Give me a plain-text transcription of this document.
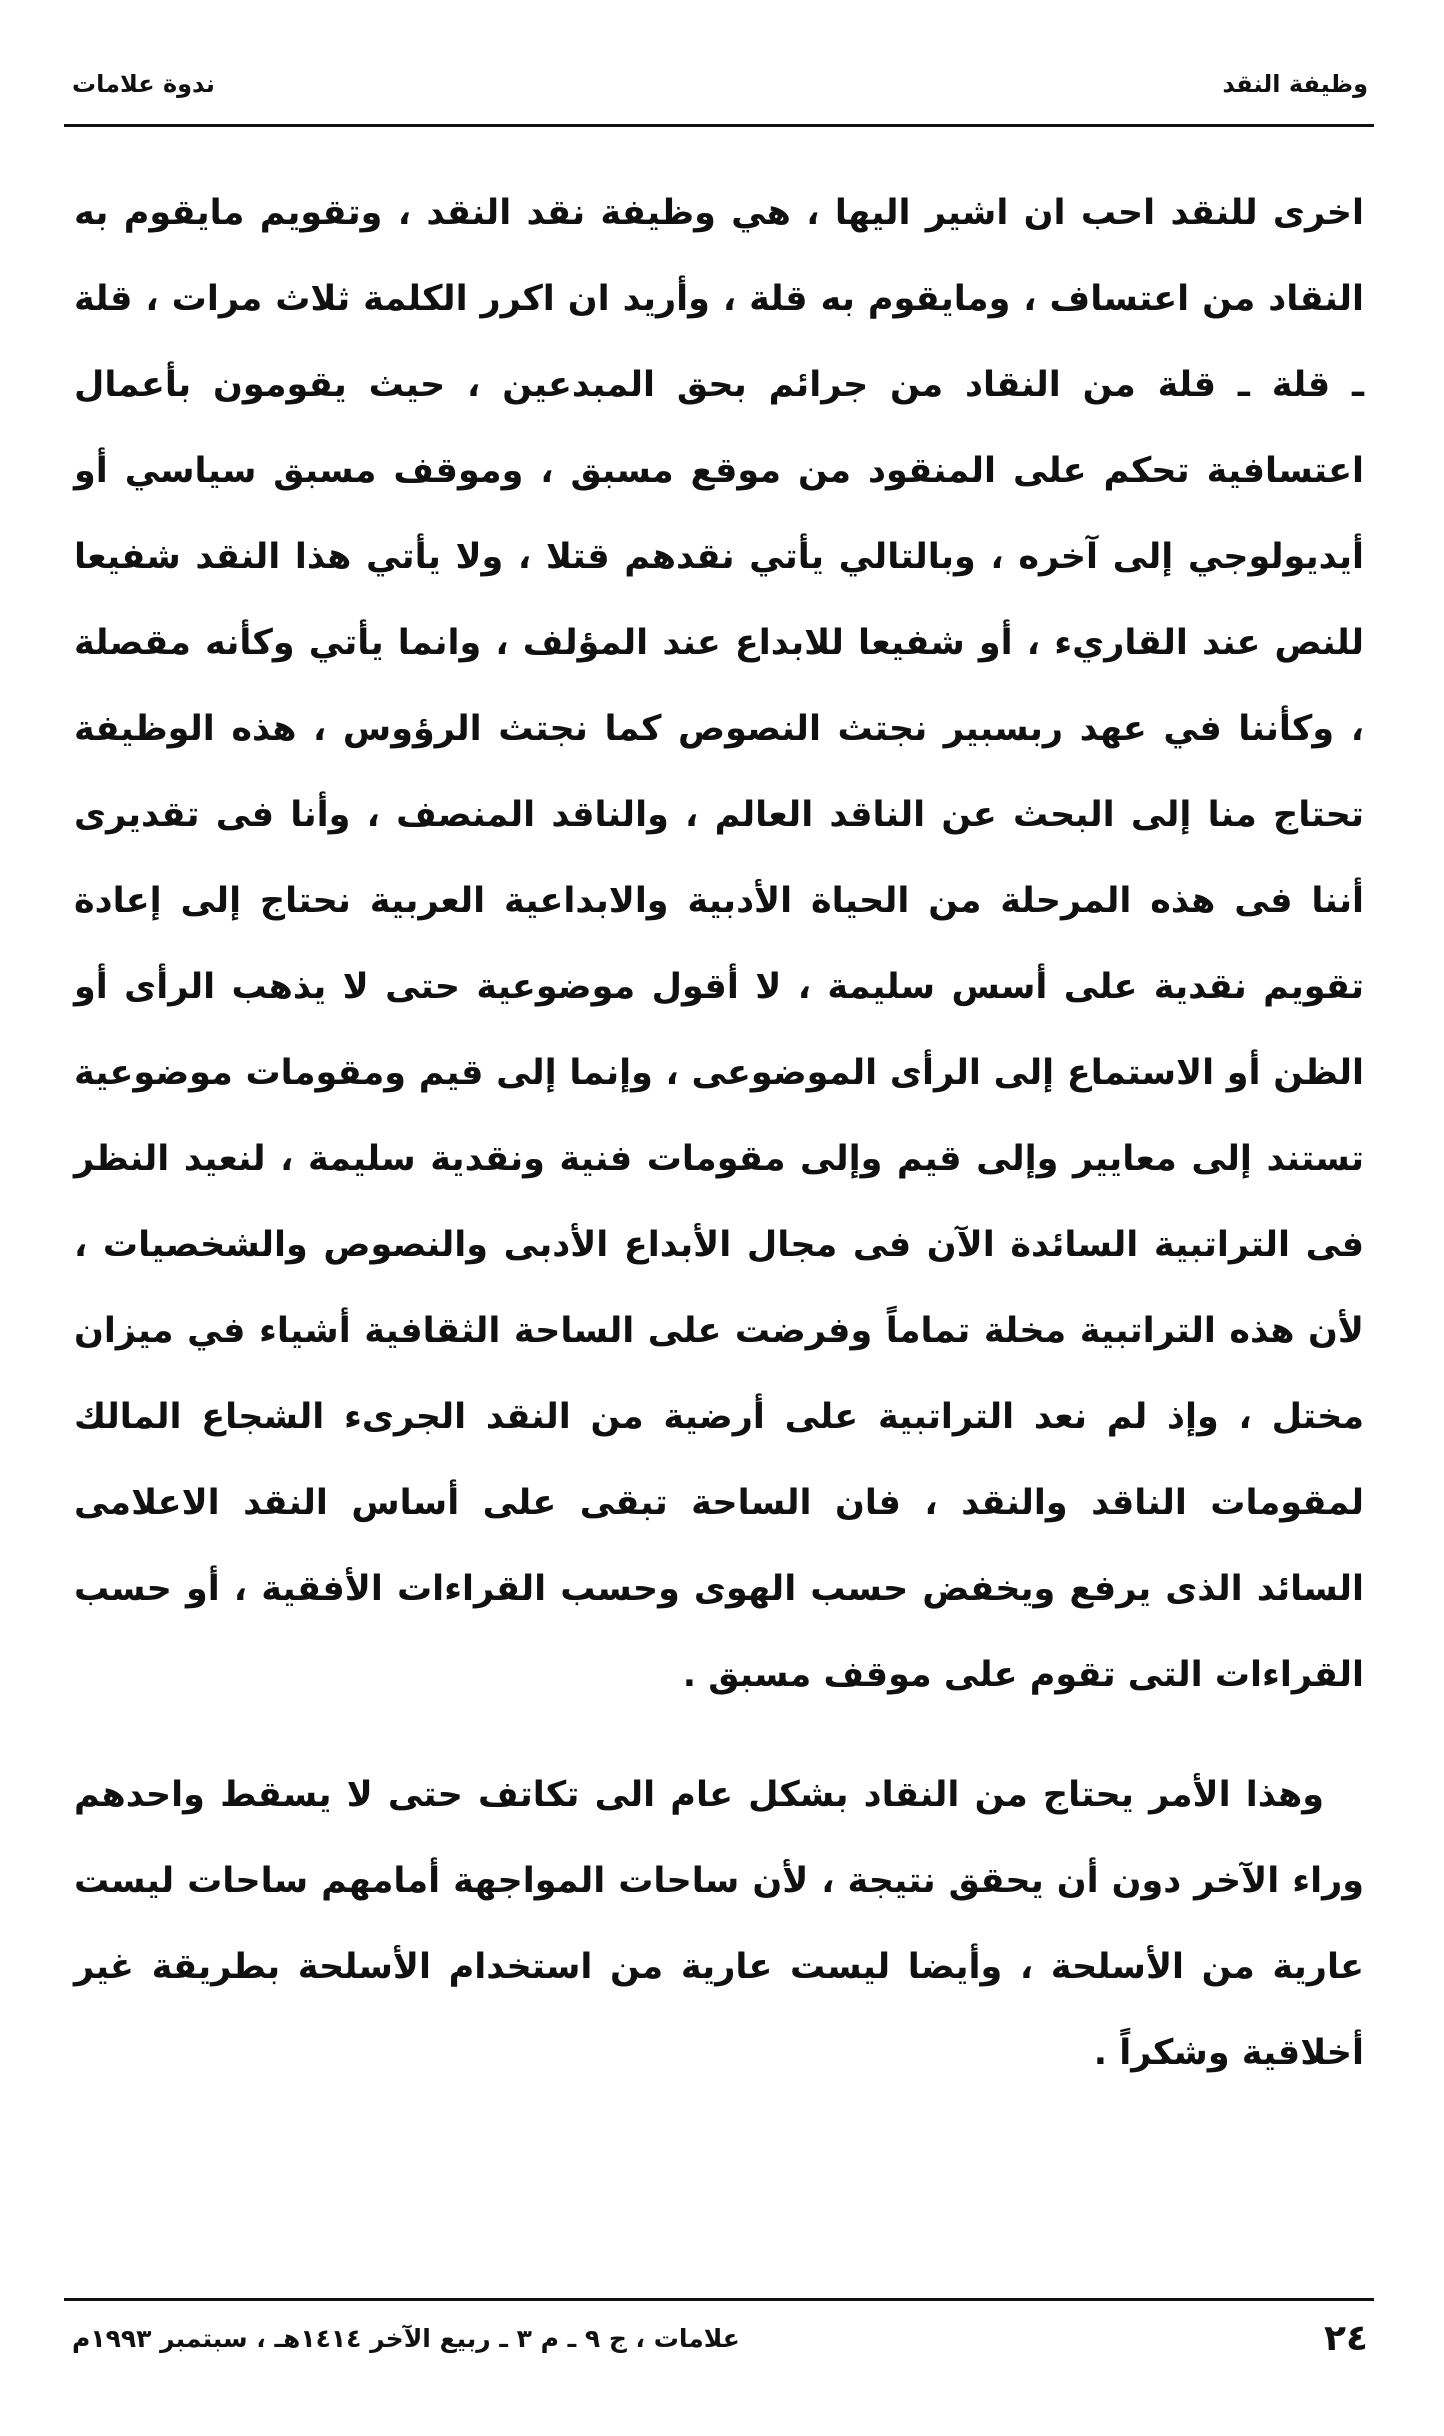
وظيفة النقد
ندوة علامات

اخرى للنقد احب ان اشير اليها ، هي وظيفة نقد النقد ، وتقويم مايقوم به النقاد من اعتساف ، ومايقوم به قلة ، وأريد ان اكرر الكلمة ثلاث مرات ، قلة ـ قلة ـ قلة من النقاد من جرائم بحق المبدعين ، حيث يقومون بأعمال اعتسافية تحكم على المنقود من موقع مسبق ، وموقف مسبق سياسي أو أيديولوجي إلى آخره ، وبالتالي يأتي نقدهم قتلا ، ولا يأتي هذا النقد شفيعا للنص عند القاريء ، أو شفيعا للابداع عند المؤلف ، وانما يأتي وكأنه مقصلة ، وكأننا في عهد ربسبير نجتث النصوص كما نجتث الرؤوس ، هذه الوظيفة تحتاج منا إلى البحث عن الناقد العالم ، والناقد المنصف ، وأنا فى تقديرى أننا فى هذه المرحلة من الحياة الأدبية والابداعية العربية نحتاج إلى إعادة تقويم نقدية على أسس سليمة ، لا أقول موضوعية حتى لا يذهب الرأى أو الظن أو الاستماع إلى الرأى الموضوعى ، وإنما إلى قيم ومقومات موضوعية تستند إلى معايير وإلى قيم وإلى مقومات فنية ونقدية سليمة ، لنعيد النظر فى التراتبية السائدة الآن فى مجال الأبداع الأدبى والنصوص والشخصيات ، لأن هذه التراتبية مخلة تماماً وفرضت على الساحة الثقافية أشياء في ميزان مختل ، وإذ لم نعد التراتبية على أرضية من النقد الجرىء الشجاع المالك لمقومات الناقد والنقد ، فان الساحة تبقى على أساس النقد الاعلامى السائد الذى يرفع ويخفض حسب الهوى وحسب القراءات الأفقية ، أو حسب القراءات التى تقوم على موقف مسبق .

وهذا الأمر يحتاج من النقاد بشكل عام الى تكاتف حتى لا يسقط واحدهم وراء الآخر دون أن يحقق نتيجة ، لأن ساحات المواجهة أمامهم ساحات ليست عارية من الأسلحة ، وأيضا ليست عارية من استخدام الأسلحة بطريقة غير أخلاقية وشكراً .

٢٤
علامات ، ج ٩ ـ م ٣ ـ ربيع الآخر ١٤١٤هـ ، سبتمبر ١٩٩٣م
